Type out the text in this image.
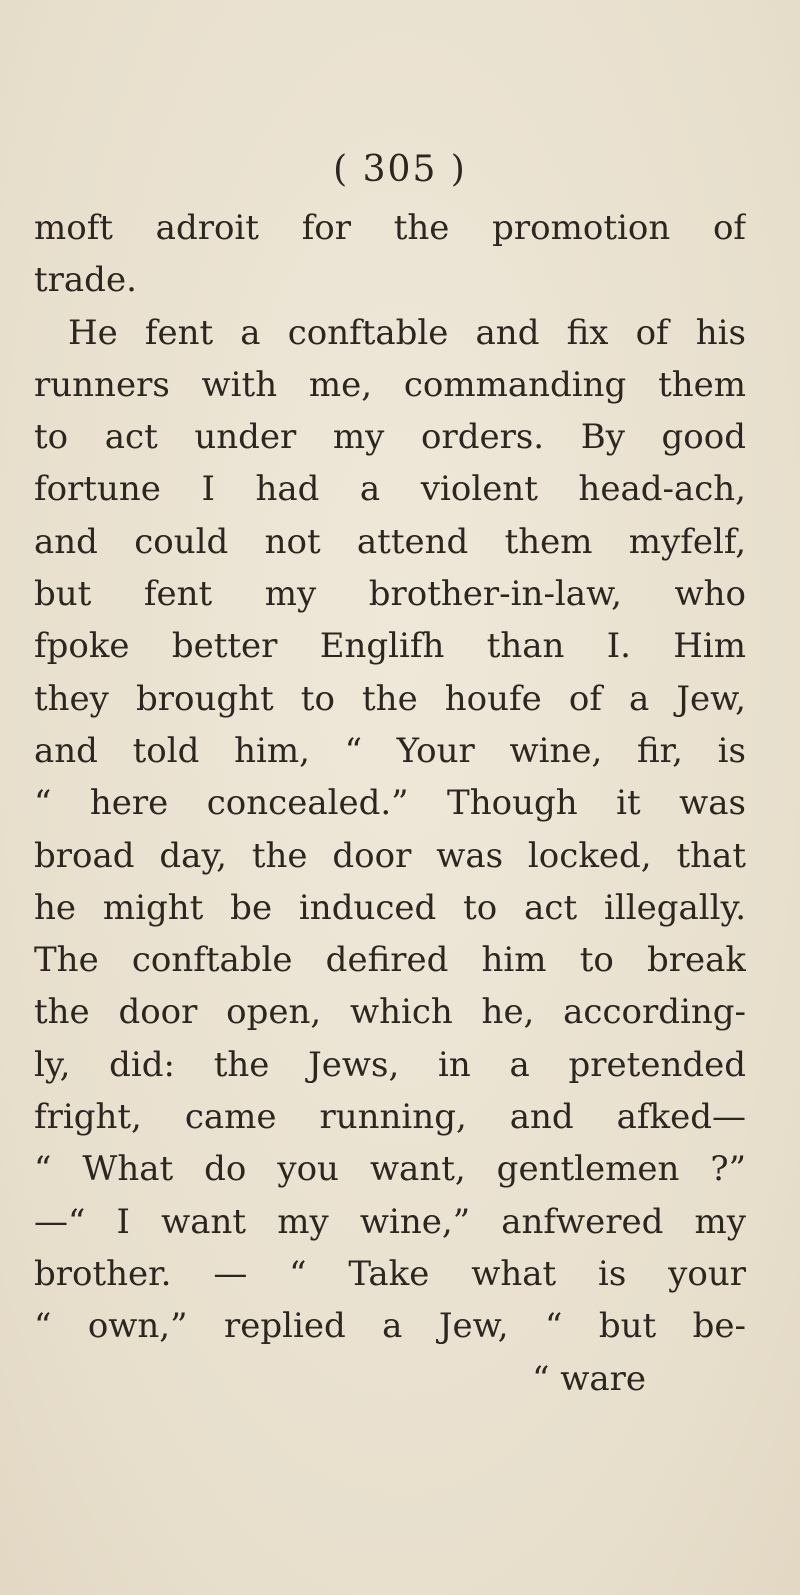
( 305 )
moft adroit for the promotion of
trade.
He fent a conftable and fix of his
runners with me, commanding them
to act under my orders. By good
fortune I had a violent head-ach,
and could not attend them myfelf,
but fent my brother-in-law, who
fpoke better Englifh than I. Him
they brought to the houfe of a Jew,
and told him, “ Your wine, fir, is
“ here concealed.” Though it was
broad day, the door was locked, that
he might be induced to act illegally.
The conftable defired him to break
the door open, which he, according-
ly, did: the Jews, in a pretended
fright, came running, and afked—
“ What do you want, gentlemen ?”
—“ I want my wine,” anfwered my
brother. — “ Take what is your
“ own,” replied a Jew, “ but be-
“ ware
